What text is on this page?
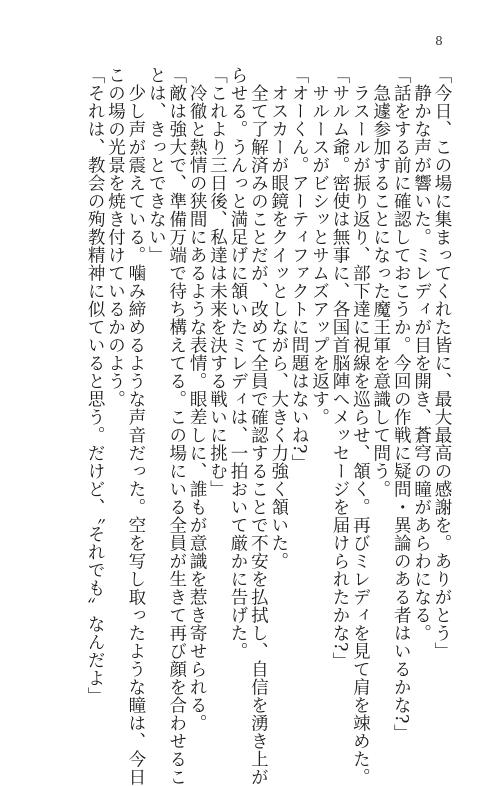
8
「今日、この場に集まってくれた皆に、最大最高の感謝を。ありがとう」
静かな声が響いた。ミレディが目を開き、蒼穹の瞳があらわになる。
「話をする前に確認しておこうか。今回の作戦に疑問・異論のある者はいるかな?」
急遽参加することになった魔王軍を意識して問う。
ラスールが振り返り、部下達に視線を巡らせ、頷く。再びミレディを見て肩を竦めた。
「サルム爺。密使は無事に、各国首脳陣へメッセージを届けられたかな?」
サルースがビシッとサムズアップを返す。
「オーくん。アーティファクトに問題はないね?」
オスカーが眼鏡をクイッとしながら、大きく力強く頷いた。
全て了解済みのことだが、改めて全員で確認することで不安を払拭し、自信を湧き上が
らせる。うんっと満足げに頷いたミレディは、一拍おいて厳かに告げた。
「これより三日後、私達は未来を決する戦いに挑む」
冷徹と熱情の狭間にあるような表情。眼差しに、誰もが意識を惹き寄せられる。
「敵は強大で、準備万端で待ち構えてる。この場にいる全員が生きて再び顔を合わせるこ
とは、きっとできない」
少し声が震えている。噛み締めるような声音だった。空を写し取ったような瞳は、今日
この場の光景を焼き付けているかのよう。
「それは、教会の殉教精神に似ていると思う。だけど、〝それでも〟なんだよ」
